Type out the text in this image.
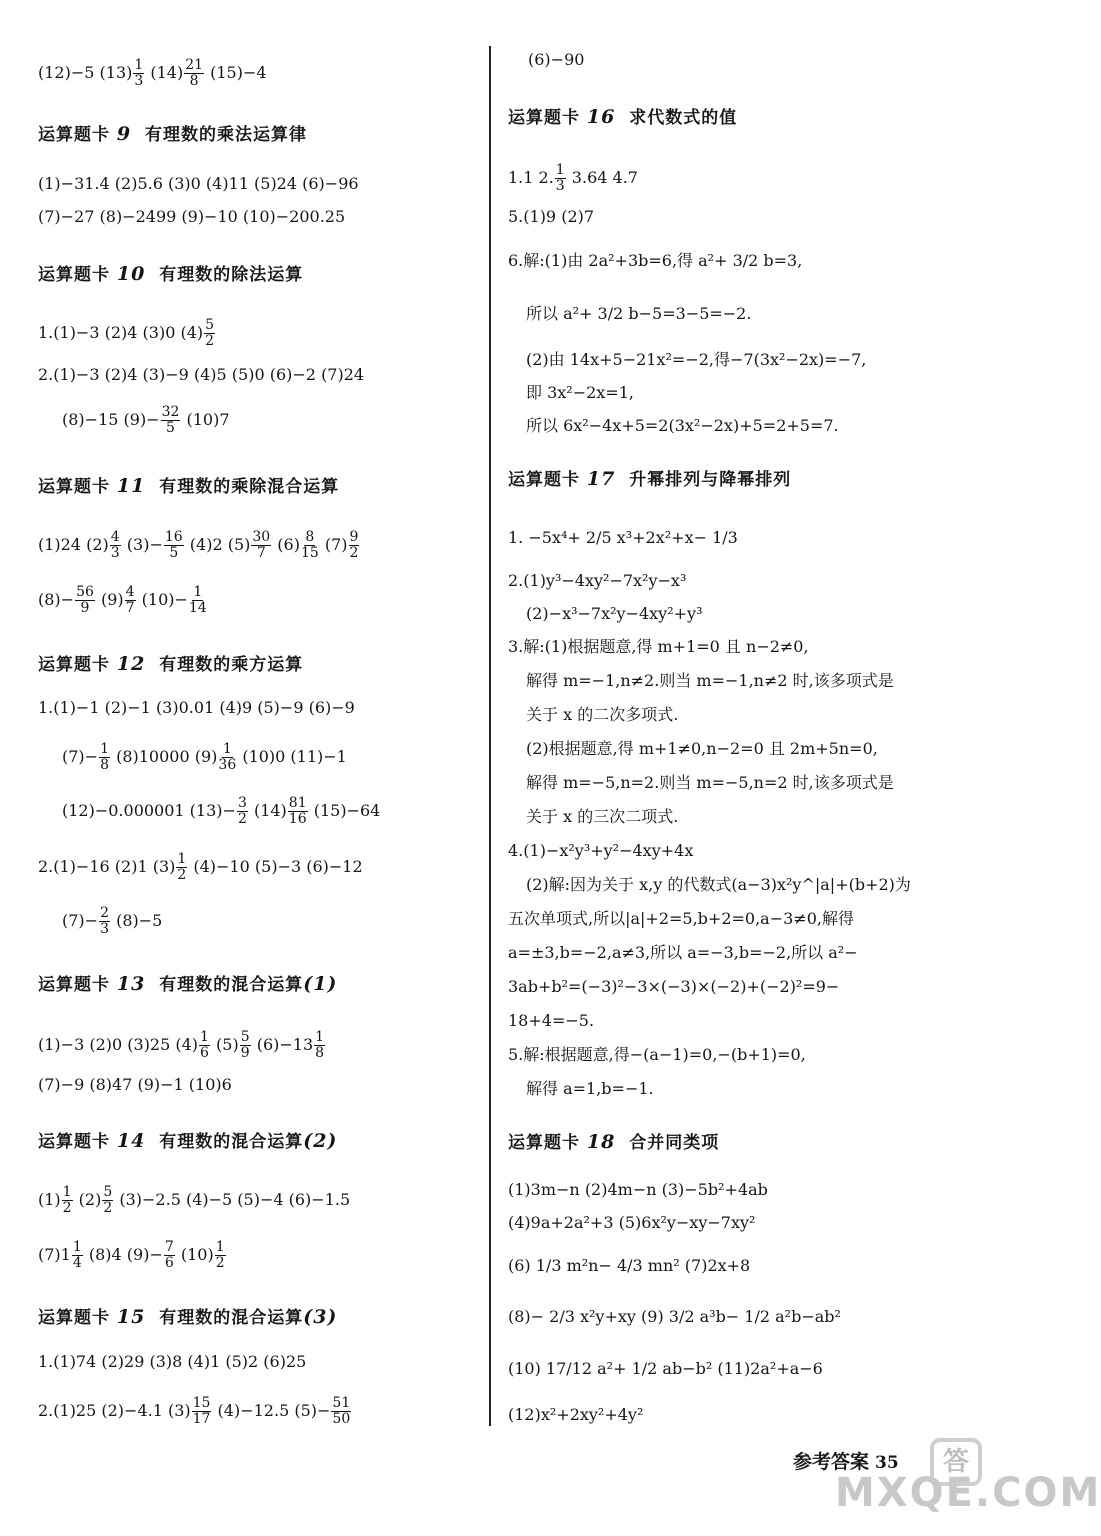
(12)−5 $(13) \frac{1}{3} (14) \frac{21}{8} (15)-4$
运算题卡 9 有理数的乘法运算律
(1)−31.4 (2)5.6 (3)0 (4)11 (5)24 (6)−96
(7)−27 (8)−2499 (9)−10 (10)−200.25
运算题卡 10 有理数的除法运算
1.(1)−3 (2)4 (3)0 $(4) \frac{5}{2}$
2.(1)−3 (2)4 (3)−9 (4)5 (5)0 (6)−2 (7)24
(8)−15 $(9)- \frac{32}{5} (10)7$
运算题卡 11 有理数的乘除混合运算
(1)24 $(2) \frac{4}{3} (3)- \frac{16}{5} (4)2$ $(5) \frac{30}{7} (6) \frac{8}{15} (7) \frac{9}{2}$
$(8)- \frac{56}{9} (9) \frac{4}{7} (10)- \frac{1}{14}$
运算题卡 12 有理数的乘方运算
1.(1)−1 (2)−1 (3)0.01 (4)9 (5)−9 (6)−9
$(7)- \frac{1}{8} (8)10000$ $(9) \frac{1}{36} (10)0$ (11)−1
(12)−0.000001 $(13)- \frac{3}{2} (14) \frac{81}{16} (15)-64$
2.(1)−16 (2)1 $(3) \frac{1}{2} (4)-10$ (5)−3 (6)−12
$(7)- \frac{2}{3} (8)-5$
运算题卡 13 有理数的混合运算(1)
(1)−3 (2)0 (3)25 $(4) \frac{1}{6} (5) \frac{5}{9} (6)-13 \frac{1}{8}$
(7)−9 (8)47 (9)−1 (10)6
运算题卡 14 有理数的混合运算(2)
$(1) \frac{1}{2} (2) \frac{5}{2} (3)-2.5$ (4)−5 (5)−4 (6)−1.5
$(7)1 \frac{1}{4} (8)4$ $(9)- \frac{7}{6} (10) \frac{1}{2}$
运算题卡 15 有理数的混合运算(3)
1.(1)74 (2)29 (3)8 (4)1 (5)2 (6)25
2.(1)25 (2)−4.1 $(3) \frac{15}{17} (4)-12.5$ $(5)- \frac{51}{50}$
(6)−90
运算题卡 16 求代数式的值
1.1 2. $\frac{1}{3} 3.64$ 4.7
5.(1)9 (2)7
6.解:(1)由 2a²+3b=6,得 a²+ 3/2 b=3,
所以 a²+ 3/2 b−5=3−5=−2.
(2)由 14x+5−21x²=−2,得−7(3x²−2x)=−7,
即 3x²−2x=1,
所以 6x²−4x+5=2(3x²−2x)+5=2+5=7.
运算题卡 17 升幂排列与降幂排列
1. −5x⁴+ 2/5 x³+2x²+x− 1/3
2.(1)y³−4xy²−7x²y−x³
(2)−x³−7x²y−4xy²+y³
3.解:(1)根据题意,得 m+1=0 且 n−2≠0,
解得 m=−1,n≠2.则当 m=−1,n≠2 时,该多项式是
关于 x 的二次多项式.
(2)根据题意,得 m+1≠0,n−2=0 且 2m+5n=0,
解得 m=−5,n=2.则当 m=−5,n=2 时,该多项式是
关于 x 的三次二项式.
4.(1)−x²y³+y²−4xy+4x
(2)解:因为关于 x,y 的代数式(a−3)x²y^|a|+(b+2)为
五次单项式,所以|a|+2=5,b+2=0,a−3≠0,解得
a=±3,b=−2,a≠3,所以 a=−3,b=−2,所以 a²−
3ab+b²=(−3)²−3×(−3)×(−2)+(−2)²=9−
18+4=−5.
5.解:根据题意,得−(a−1)=0,−(b+1)=0,
解得 a=1,b=−1.
运算题卡 18 合并同类项
(1)3m−n (2)4m−n (3)−5b²+4ab
(4)9a+2a²+3 (5)6x²y−xy−7xy²
(6) 1/3 m²n− 4/3 mn² (7)2x+8
(8)− 2/3 x²y+xy (9) 3/2 a³b− 1/2 a²b−ab²
(10) 17/12 a²+ 1/2 ab−b² (11)2a²+a−6
(12)x²+2xy²+4y²
参考答案 35	答
MXQE.COM
